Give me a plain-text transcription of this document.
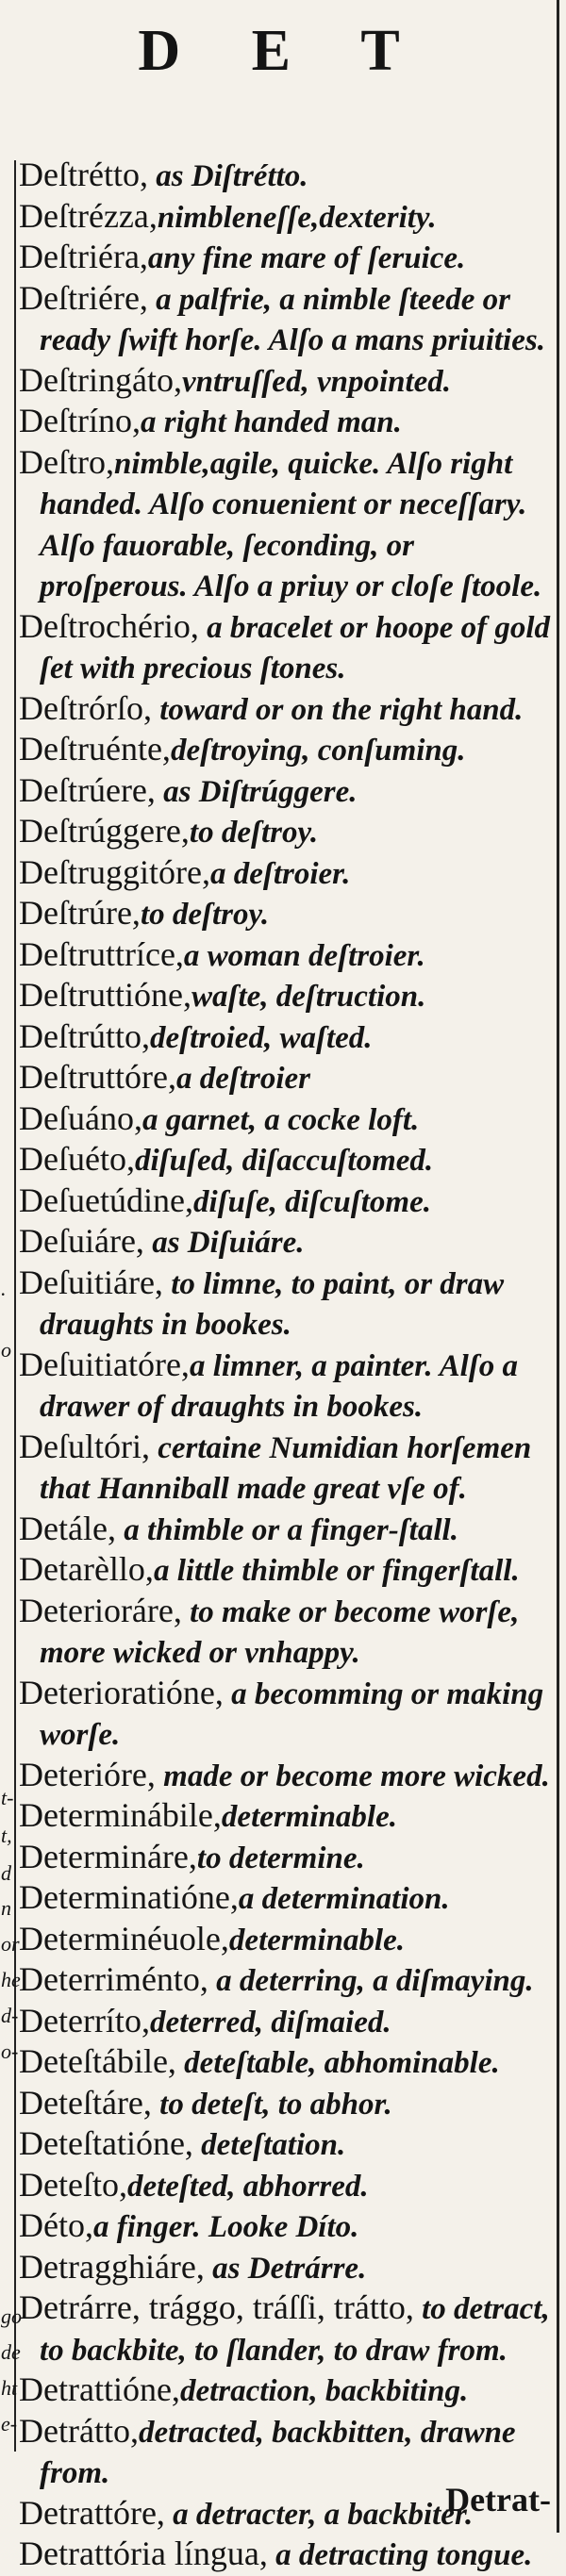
D E T
.
o
t-
t,
d
n
or
he
d-
o-
go
de
ht
e-

Deſtrétto, as Diſtrétto.

Deſtrézza,nimbleneſſe,dexterity.

Deſtriéra,any fine mare of ſeruice.

Deſtriére, a palfrie, a nimble ſteede or ready ſwift horſe. Alſo a mans priuities.

Deſtringáto,vntruſſed, vnpointed.

Deſtríno,a right handed man.

Deſtro,nimble,agile, quicke. Alſo right handed. Alſo conuenient or neceſſary. Alſo fauorable, ſeconding, or proſperous. Alſo a priuy or cloſe ſtoole.

Deſtrochério, a bracelet or hoope of gold ſet with precious ſtones.

Deſtrórſo, toward or on the right hand.

Deſtruénte,deſtroying, conſuming.

Deſtrúere, as Diſtrúggere.

Deſtrúggere,to deſtroy.

Deſtruggitóre,a deſtroier.

Deſtrúre,to deſtroy.

Deſtruttríce,a woman deſtroier.

Deſtruttióne,waſte, deſtruction.

Deſtrútto,deſtroied, waſted.

Deſtruttóre,a deſtroier

Deſuáno,a garnet, a cocke loft.

Deſuéto,diſuſed, diſaccuſtomed.

Deſuetúdine,diſuſe, diſcuſtome.

Deſuiáre, as Diſuiáre.

Deſuitiáre, to limne, to paint, or draw draughts in bookes.

Deſuitiatóre,a limner, a painter. Alſo a drawer of draughts in bookes.

Deſultóri, certaine Numidian horſemen that Hanniball made great vſe of.

Detále, a thimble or a finger-ſtall.

Detarèllo,a little thimble or fingerſtall.

Deterioráre, to make or become worſe, more wicked or vnhappy.

Deterioratióne, a becomming or making worſe.

Deterióre, made or become more wicked.

Determinábile,determinable.

Determináre,to determine.

Determinatióne,a determination.

Determinéuole,determinable.

Deterriménto, a deterring, a diſmaying.

Deterríto,deterred, diſmaied.

Deteſtábile, deteſtable, abhominable.

Deteſtáre, to deteſt, to abhor.

Deteſtatióne, deteſtation.

Deteſto,deteſted, abhorred.

Déto,a finger. Looke Díto.

Detragghiáre, as Detrárre.

Detrárre, trággo, tráſſi, trátto, to detract, to backbite, to ſlander, to draw from.

Detrattióne,detraction, backbiting.

Detrátto,detracted, backbitten, drawne from.

Detrattóre, a detracter, a backbiter.

Detrattória língua, a detracting tongue.

Detrat-
